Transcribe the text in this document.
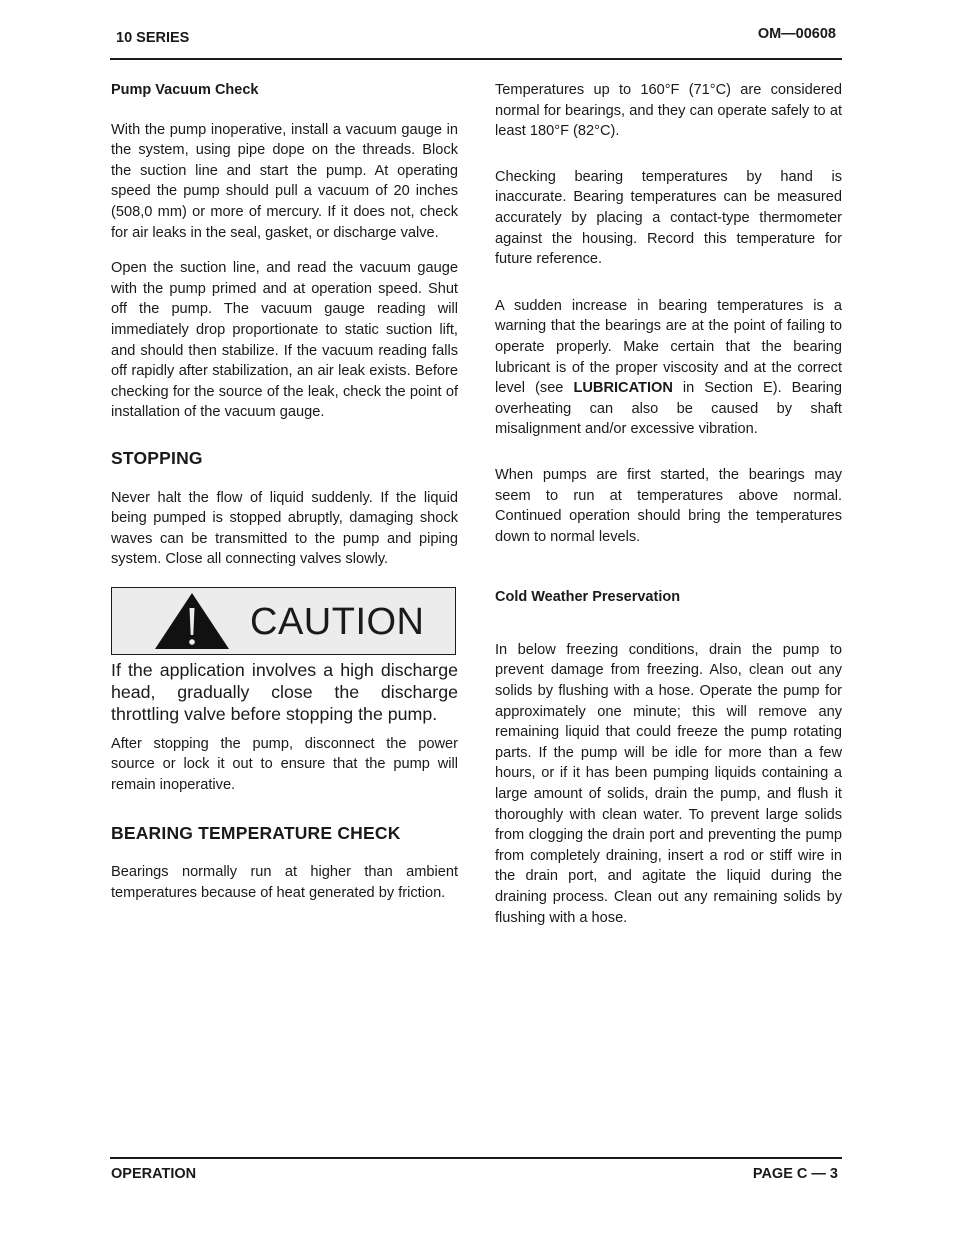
10 SERIES	OM—00608
Pump Vacuum Check

With the pump inoperative, install a vacuum gauge in the system, using pipe dope on the threads. Block the suction line and start the pump. At operating speed the pump should pull a vacuum of 20 inches (508,0 mm) or more of mercury. If it does not, check for air leaks in the seal, gasket, or discharge valve.

Open the suction line, and read the vacuum gauge with the pump primed and at operation speed. Shut off the pump. The vacuum gauge reading will immediately drop proportionate to static suction lift, and should then stabilize. If the vacuum reading falls off rapidly after stabilization, an air leak exists. Before checking for the source of the leak, check the point of installation of the vacuum gauge.

STOPPING

Never halt the flow of liquid suddenly. If the liquid being pumped is stopped abruptly, damaging shock waves can be transmitted to the pump and piping system. Close all connecting valves slowly.

CAUTION

If the application involves a high discharge head, gradually close the discharge throttling valve before stopping the pump.

After stopping the pump, disconnect the power source or lock it out to ensure that the pump will remain inoperative.

BEARING TEMPERATURE CHECK

Bearings normally run at higher than ambient temperatures because of heat generated by friction.

Temperatures up to 160°F (71°C) are considered normal for bearings, and they can operate safely to at least 180°F (82°C).

Checking bearing temperatures by hand is inaccurate. Bearing temperatures can be measured accurately by placing a contact-type thermometer against the housing. Record this temperature for future reference.

A sudden increase in bearing temperatures is a warning that the bearings are at the point of failing to operate properly. Make certain that the bearing lubricant is of the proper viscosity and at the correct level (see LUBRICATION in Section E). Bearing overheating can also be caused by shaft misalignment and/or excessive vibration.

When pumps are first started, the bearings may seem to run at temperatures above normal. Continued operation should bring the temperatures down to normal levels.

Cold Weather Preservation

In below freezing conditions, drain the pump to prevent damage from freezing. Also, clean out any solids by flushing with a hose. Operate the pump for approximately one minute; this will remove any remaining liquid that could freeze the pump rotating parts. If the pump will be idle for more than a few hours, or if it has been pumping liquids containing a large amount of solids, drain the pump, and flush it thoroughly with clean water. To prevent large solids from clogging the drain port and preventing the pump from completely draining, insert a rod or stiff wire in the drain port, and agitate the liquid during the draining process. Clean out any remaining solids by flushing with a hose.

OPERATION	PAGE C — 3
